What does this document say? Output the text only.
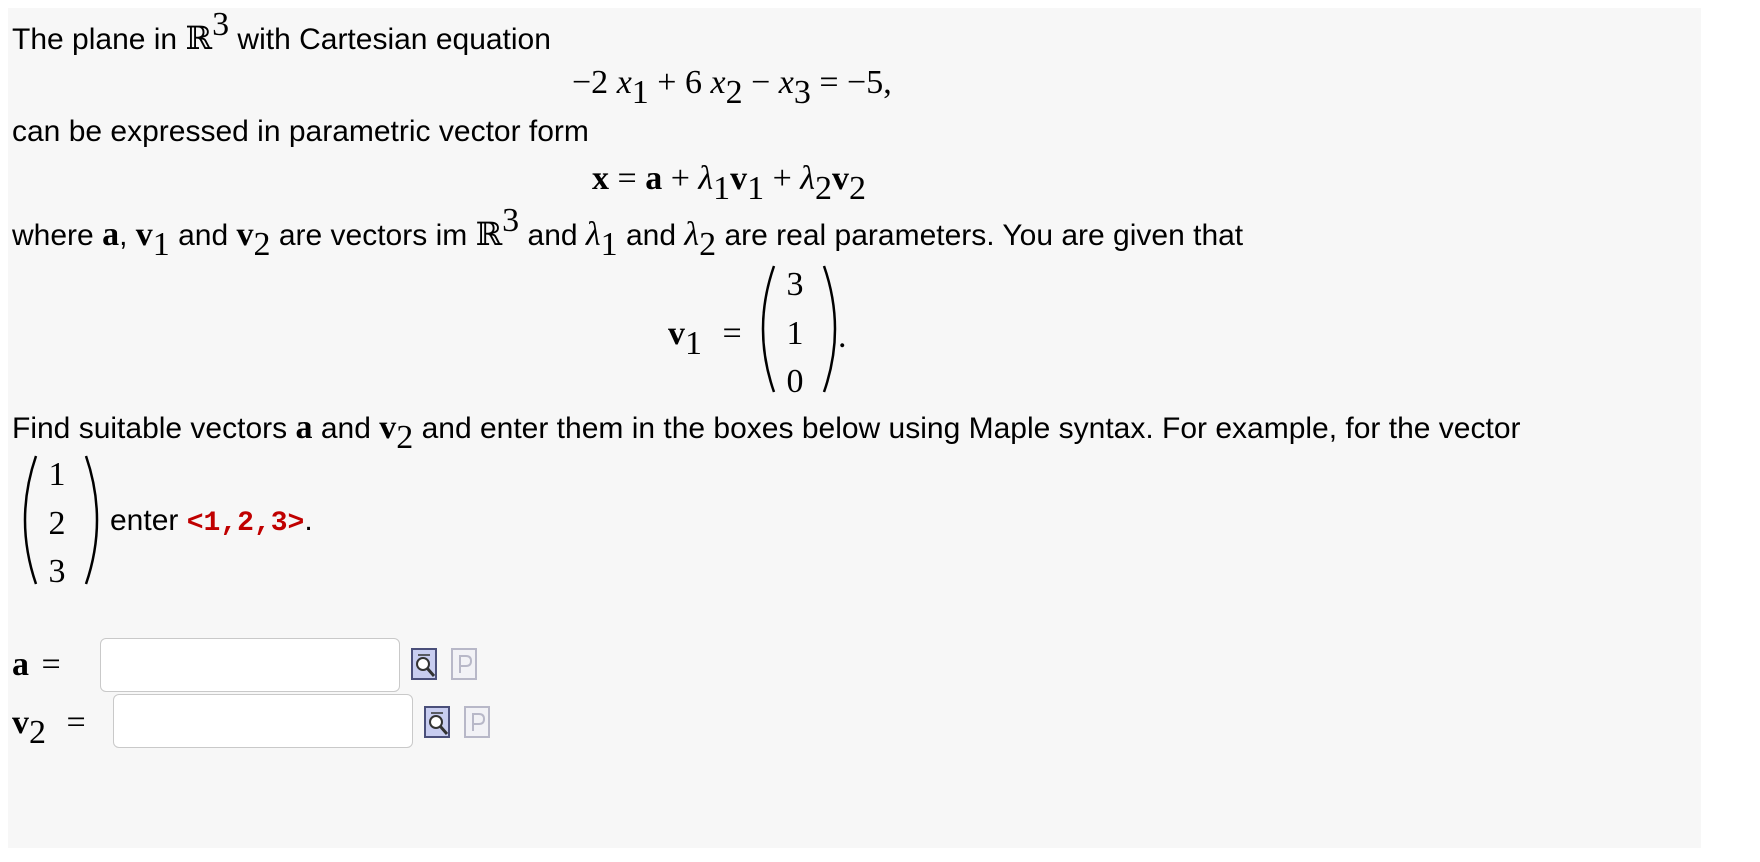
The plane in ℝ3 with Cartesian equation
−2 x1 + 6 x2 − x3 = −5,
can be expressed in parametric vector form
x = a + λ1v1 + λ2v2
where a, v1 and v2 are vectors im ℝ3 and λ1 and λ2 are real parameters. You are given that
v1 =
3
1
0
.
Find suitable vectors a and v2 and enter them in the boxes below using Maple syntax. For example, for the vector
1
2
3
enter <1,2,3>.
a =
v2 =
